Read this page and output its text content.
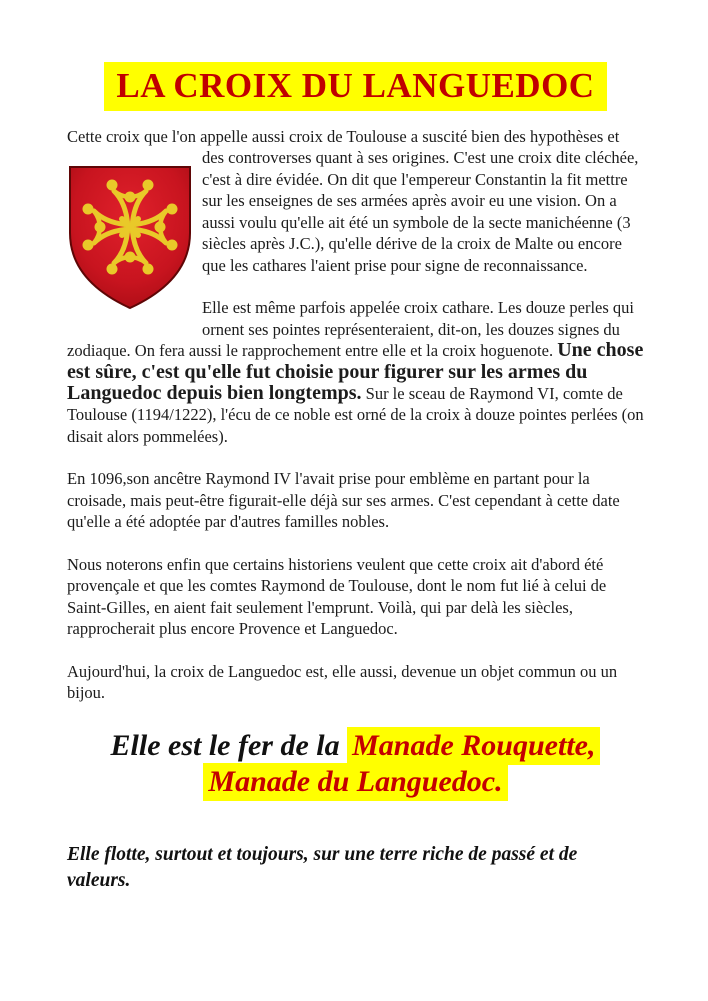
LA CROIX DU LANGUEDOC

Cette croix que l'on appelle aussi croix de Toulouse a suscité bien des
hypothèses et des controverses quant à ses origines. C'est une croix dite cléchée, c'est à dire évidée. On dit que l'empereur Constantin la fit mettre sur les enseignes de ses armées après avoir eu une vision. On a aussi voulu qu'elle ait été un symbole de la secte manichéenne (3 siècles après J.C.), qu'elle dérive de la croix de Malte ou encore que les cathares l'aient prise pour signe de reconnaissance.

Elle est même parfois appelée croix cathare. Les douze perles qui ornent ses pointes représenteraient, dit-on, les douzes signes du zodiaque. On fera aussi le rapprochement entre elle et la croix hoguenote. Une chose est sûre, c'est qu'elle fut choisie pour figurer sur les armes du Languedoc depuis bien longtemps. Sur le sceau de Raymond VI, comte de Toulouse (1194/1222), l'écu de ce noble est orné de la croix à douze pointes perlées (on disait alors pommelées).

En 1096,son ancêtre Raymond IV l'avait prise pour emblème en partant pour la croisade, mais peut-être figurait-elle déjà sur ses armes. C'est cependant à cette date qu'elle a été adoptée par d'autres familles nobles.

Nous noterons enfin que certains historiens veulent que cette croix ait d'abord été provençale et que les comtes Raymond de Toulouse, dont le nom fut lié à celui de Saint-Gilles, en aient fait seulement l'emprunt. Voilà, qui par delà les siècles, rapprocherait plus encore Provence et Languedoc.

Aujourd'hui, la croix de Languedoc est, elle aussi, devenue un objet commun ou un bijou.

Elle est le fer de la Manade Rouquette,
Manade du Languedoc.

Elle flotte, surtout et toujours, sur une terre riche de passé et de valeurs.
